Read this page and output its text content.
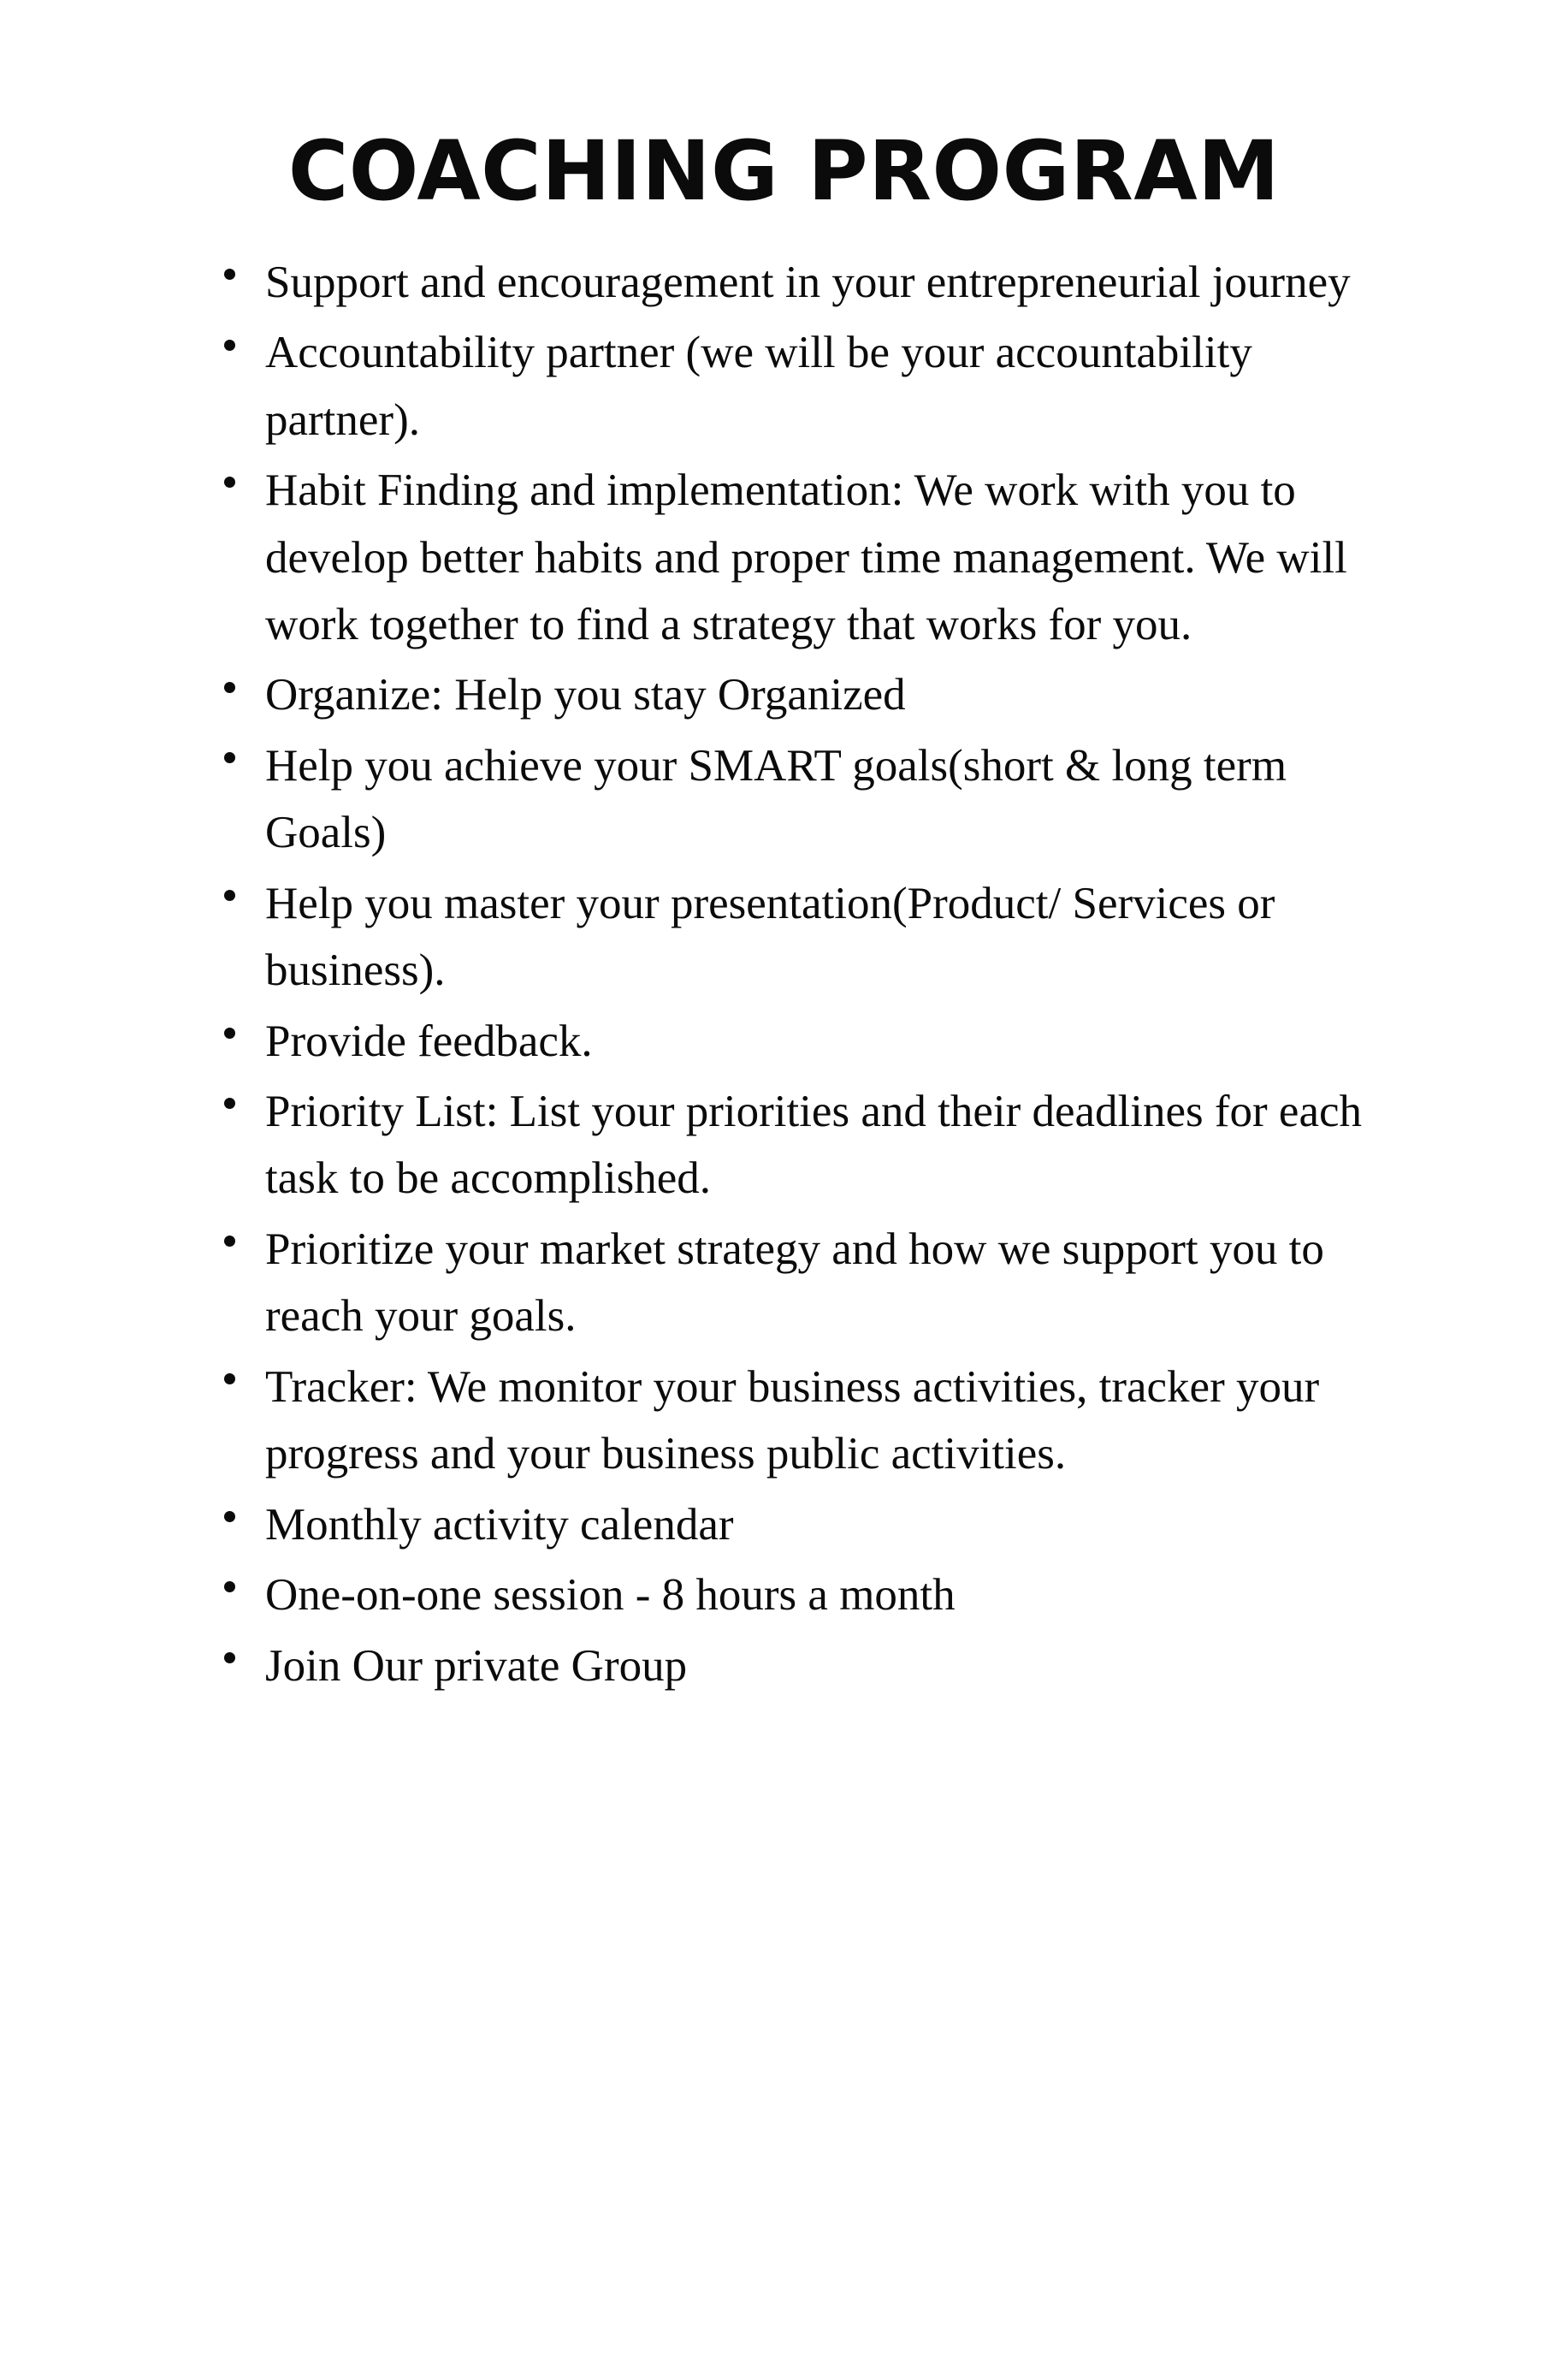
COACHING PROGRAM
Support and encouragement in your entrepreneurial journey
Accountability partner (we will be your accountability partner).
Habit Finding and implementation: We work with you to develop better habits and proper time management. We will work together to find a strategy that works for you.
Organize: Help you stay Organized
Help you achieve your SMART goals(short & long term Goals)
Help you master your presentation(Product/ Services or business).
Provide feedback.
Priority List: List your priorities and their deadlines for each task to be accomplished.
Prioritize your market strategy and how we support you to reach your goals.
Tracker: We monitor your business activities, tracker your progress and your business public activities.
Monthly activity calendar
One-on-one session - 8 hours a month
Join Our private Group
